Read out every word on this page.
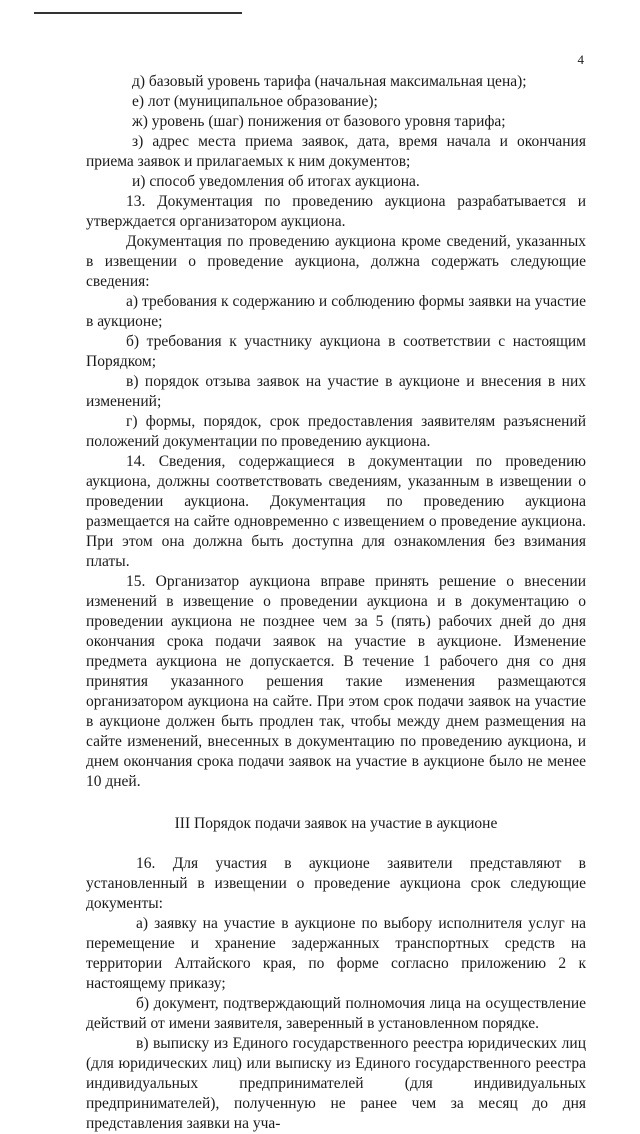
4

д) базовый уровень тарифа (начальная максимальная цена);

е) лот (муниципальное образование);

ж) уровень (шаг) понижения от базового уровня тарифа;

з) адрес места приема заявок, дата, время начала и окончания приема заявок и прилагаемых к ним документов;

и) способ уведомления об итогах аукциона.

13. Документация по проведению аукциона разрабатывается и утверждается организатором аукциона.

Документация по проведению аукциона кроме сведений, указанных в извещении о проведение аукциона, должна содержать следующие сведения:

а) требования к содержанию и соблюдению формы заявки на участие в аукционе;

б) требования к участнику аукциона в соответствии с настоящим Порядком;

в) порядок отзыва заявок на участие в аукционе и внесения в них изменений;

г) формы, порядок, срок предоставления заявителям разъяснений положений документации по проведению аукциона.

14. Сведения, содержащиеся в документации по проведению аукциона, должны соответствовать сведениям, указанным в извещении о проведении аукциона. Документация по проведению аукциона размещается на сайте одновременно с извещением о проведение аукциона. При этом она должна быть доступна для ознакомления без взимания платы.

15. Организатор аукциона вправе принять решение о внесении изменений в извещение о проведении аукциона и в документацию о проведении аукциона не позднее чем за 5 (пять) рабочих дней до дня окончания срока подачи заявок на участие в аукционе. Изменение предмета аукциона не допускается. В течение 1 рабочего дня со дня принятия указанного решения такие изменения размещаются организатором аукциона на сайте. При этом срок подачи заявок на участие в аукционе должен быть продлен так, чтобы между днем размещения на сайте изменений, внесенных в документацию по проведению аукциона, и днем окончания срока подачи заявок на участие в аукционе было не менее 10 дней.

III Порядок подачи заявок на участие в аукционе

16. Для участия в аукционе заявители представляют в установленный в извещении о проведение аукциона срок следующие документы:

а) заявку на участие в аукционе по выбору исполнителя услуг на перемещение и хранение задержанных транспортных средств на территории Алтайского края, по форме согласно приложению 2 к настоящему приказу;

б) документ, подтверждающий полномочия лица на осуществление действий от имени заявителя, заверенный в установленном порядке.

в) выписку из Единого государственного реестра юридических лиц (для юридических лиц) или выписку из Единого государственного реестра индивидуальных предпринимателей (для индивидуальных предпринимателей), полученную не ранее чем за месяц до дня представления заявки на уча-
